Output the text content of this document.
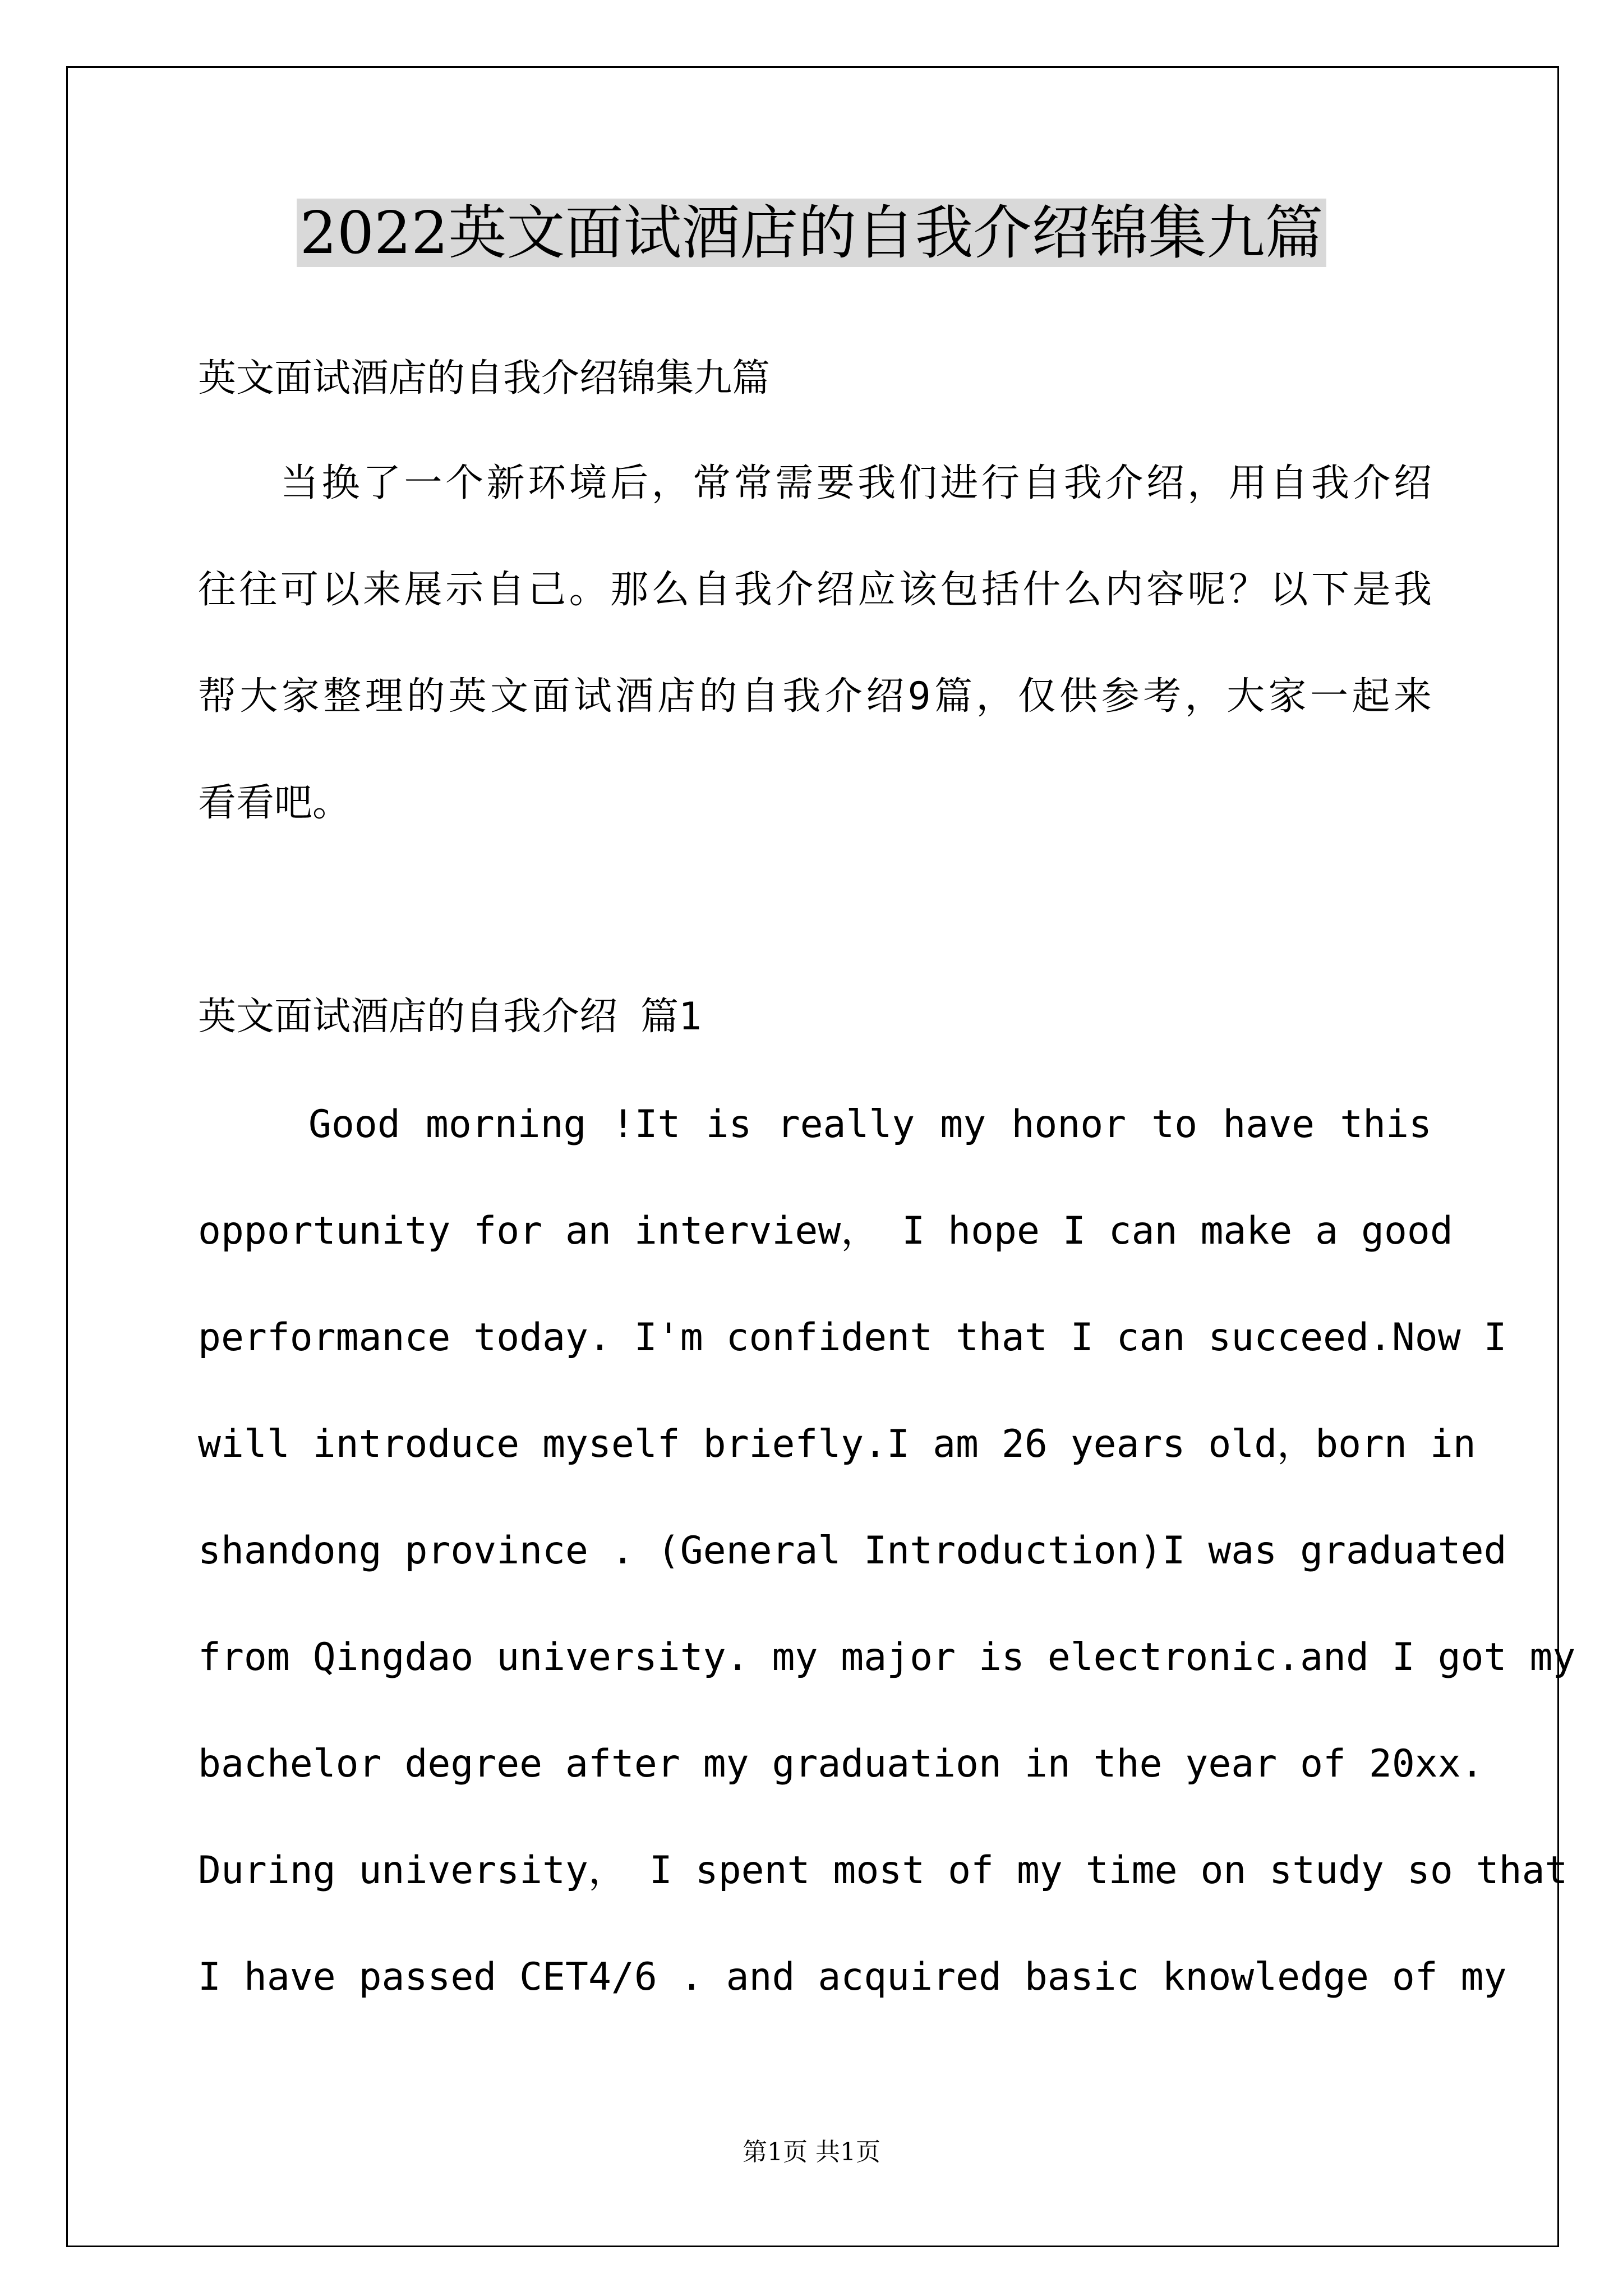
2022英文面试酒店的自我介绍锦集九篇
英文面试酒店的自我介绍锦集九篇
当换了一个新环境后，常常需要我们进行自我介绍，用自我介绍
往往可以来展示自己。那么自我介绍应该包括什么内容呢？以下是我
帮大家整理的英文面试酒店的自我介绍9篇，仅供参考，大家一起来
看看吧。
英文面试酒店的自我介绍 篇1
Good morning !It is really my honor to have this
opportunity for an interview， I hope I can make a good
performance today. I'm confident that I can succeed.Now I
will introduce myself briefly.I am 26 years old，born in
shandong province . (General Introduction)I was graduated
from Qingdao university. my major is electronic.and I got my
bachelor degree after my graduation in the year of 20xx.
During university， I spent most of my time on study so that
I have passed CET4/6 . and acquired basic knowledge of my
第1页 共1页
